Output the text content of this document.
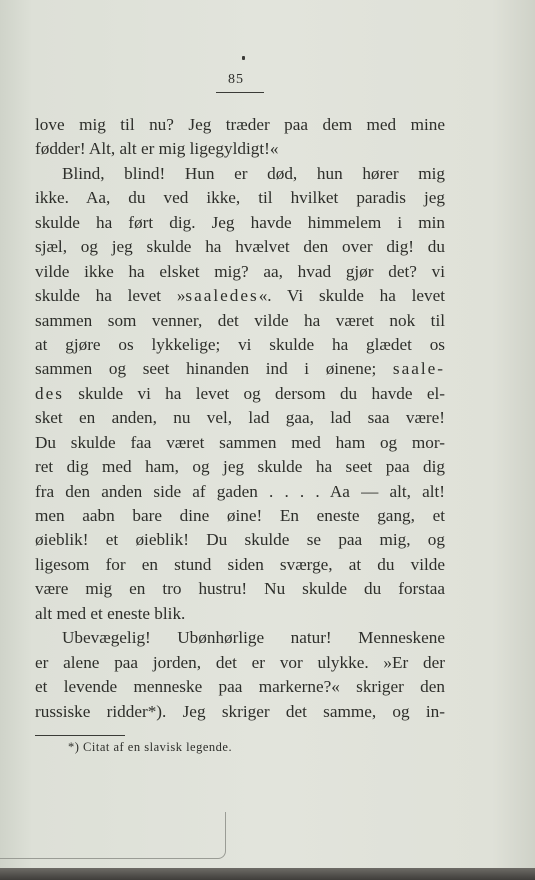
85
love mig til nu? Jeg træder paa dem med mine
fødder! Alt, alt er mig ligegyldigt!«
Blind, blind! Hun er død, hun hører mig
ikke. Aa, du ved ikke, til hvilket paradis jeg
skulde ha ført dig. Jeg havde himmelem i min
sjæl, og jeg skulde ha hvælvet den over dig! du
vilde ikke ha elsket mig? aa, hvad gjør det? vi
skulde ha levet »saaledes«. Vi skulde ha levet
sammen som venner, det vilde ha været nok til
at gjøre os lykkelige; vi skulde ha glædet os
sammen og seet hinanden ind i øinene; saale-
des skulde vi ha levet og dersom du havde el-
sket en anden, nu vel, lad gaa, lad saa være!
Du skulde faa været sammen med ham og mor-
ret dig med ham, og jeg skulde ha seet paa dig
fra den anden side af gaden . . . . Aa — alt, alt!
men aabn bare dine øine! En eneste gang, et
øieblik! et øieblik! Du skulde se paa mig, og
ligesom for en stund siden sværge, at du vilde
være mig en tro hustru! Nu skulde du forstaa
alt med et eneste blik.
Ubevægelig! Ubønhørlige natur! Menneskene
er alene paa jorden, det er vor ulykke. »Er der
et levende menneske paa markerne?« skriger den
russiske ridder*). Jeg skriger det samme, og in-
*) Citat af en slavisk legende.
